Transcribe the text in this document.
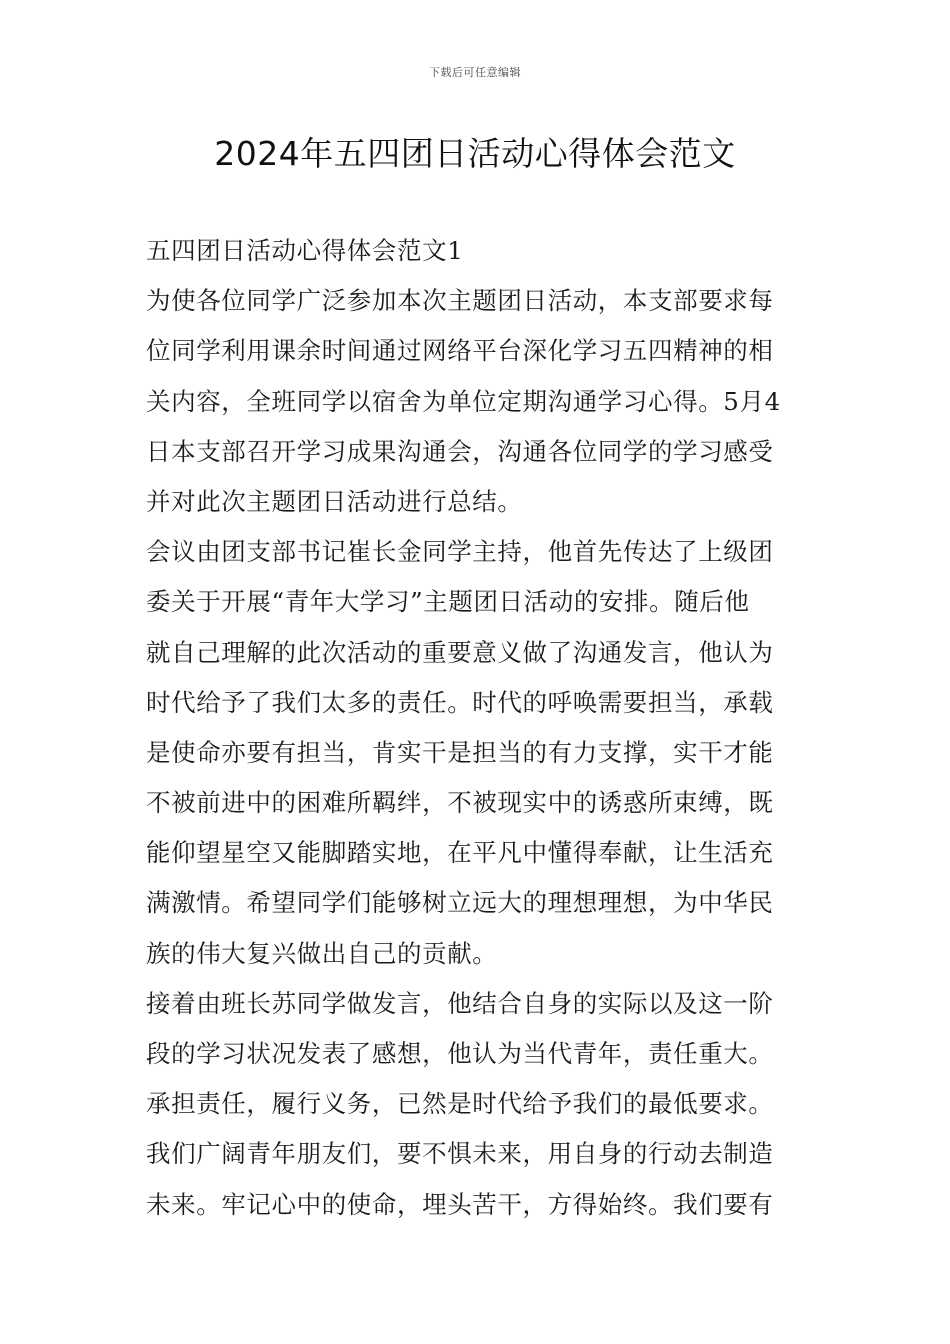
下载后可任意编辑
2024年五四团日活动心得体会范文
五四团日活动心得体会范文1
为使各位同学广泛参加本次主题团日活动，本支部要求每
位同学利用课余时间通过网络平台深化学习五四精神的相
关内容，全班同学以宿舍为单位定期沟通学习心得。5月4
日本支部召开学习成果沟通会，沟通各位同学的学习感受
并对此次主题团日活动进行总结。
会议由团支部书记崔长金同学主持，他首先传达了上级团
委关于开展“青年大学习”主题团日活动的安排。随后他
就自己理解的此次活动的重要意义做了沟通发言，他认为
时代给予了我们太多的责任。时代的呼唤需要担当，承载
是使命亦要有担当，肯实干是担当的有力支撑，实干才能
不被前进中的困难所羁绊，不被现实中的诱惑所束缚，既
能仰望星空又能脚踏实地，在平凡中懂得奉献，让生活充
满激情。希望同学们能够树立远大的理想理想，为中华民
族的伟大复兴做出自己的贡献。
接着由班长苏同学做发言，他结合自身的实际以及这一阶
段的学习状况发表了感想，他认为当代青年，责任重大。
承担责任，履行义务，已然是时代给予我们的最低要求。
我们广阔青年朋友们，要不惧未来，用自身的行动去制造
未来。牢记心中的使命，埋头苦干，方得始终。我们要有
